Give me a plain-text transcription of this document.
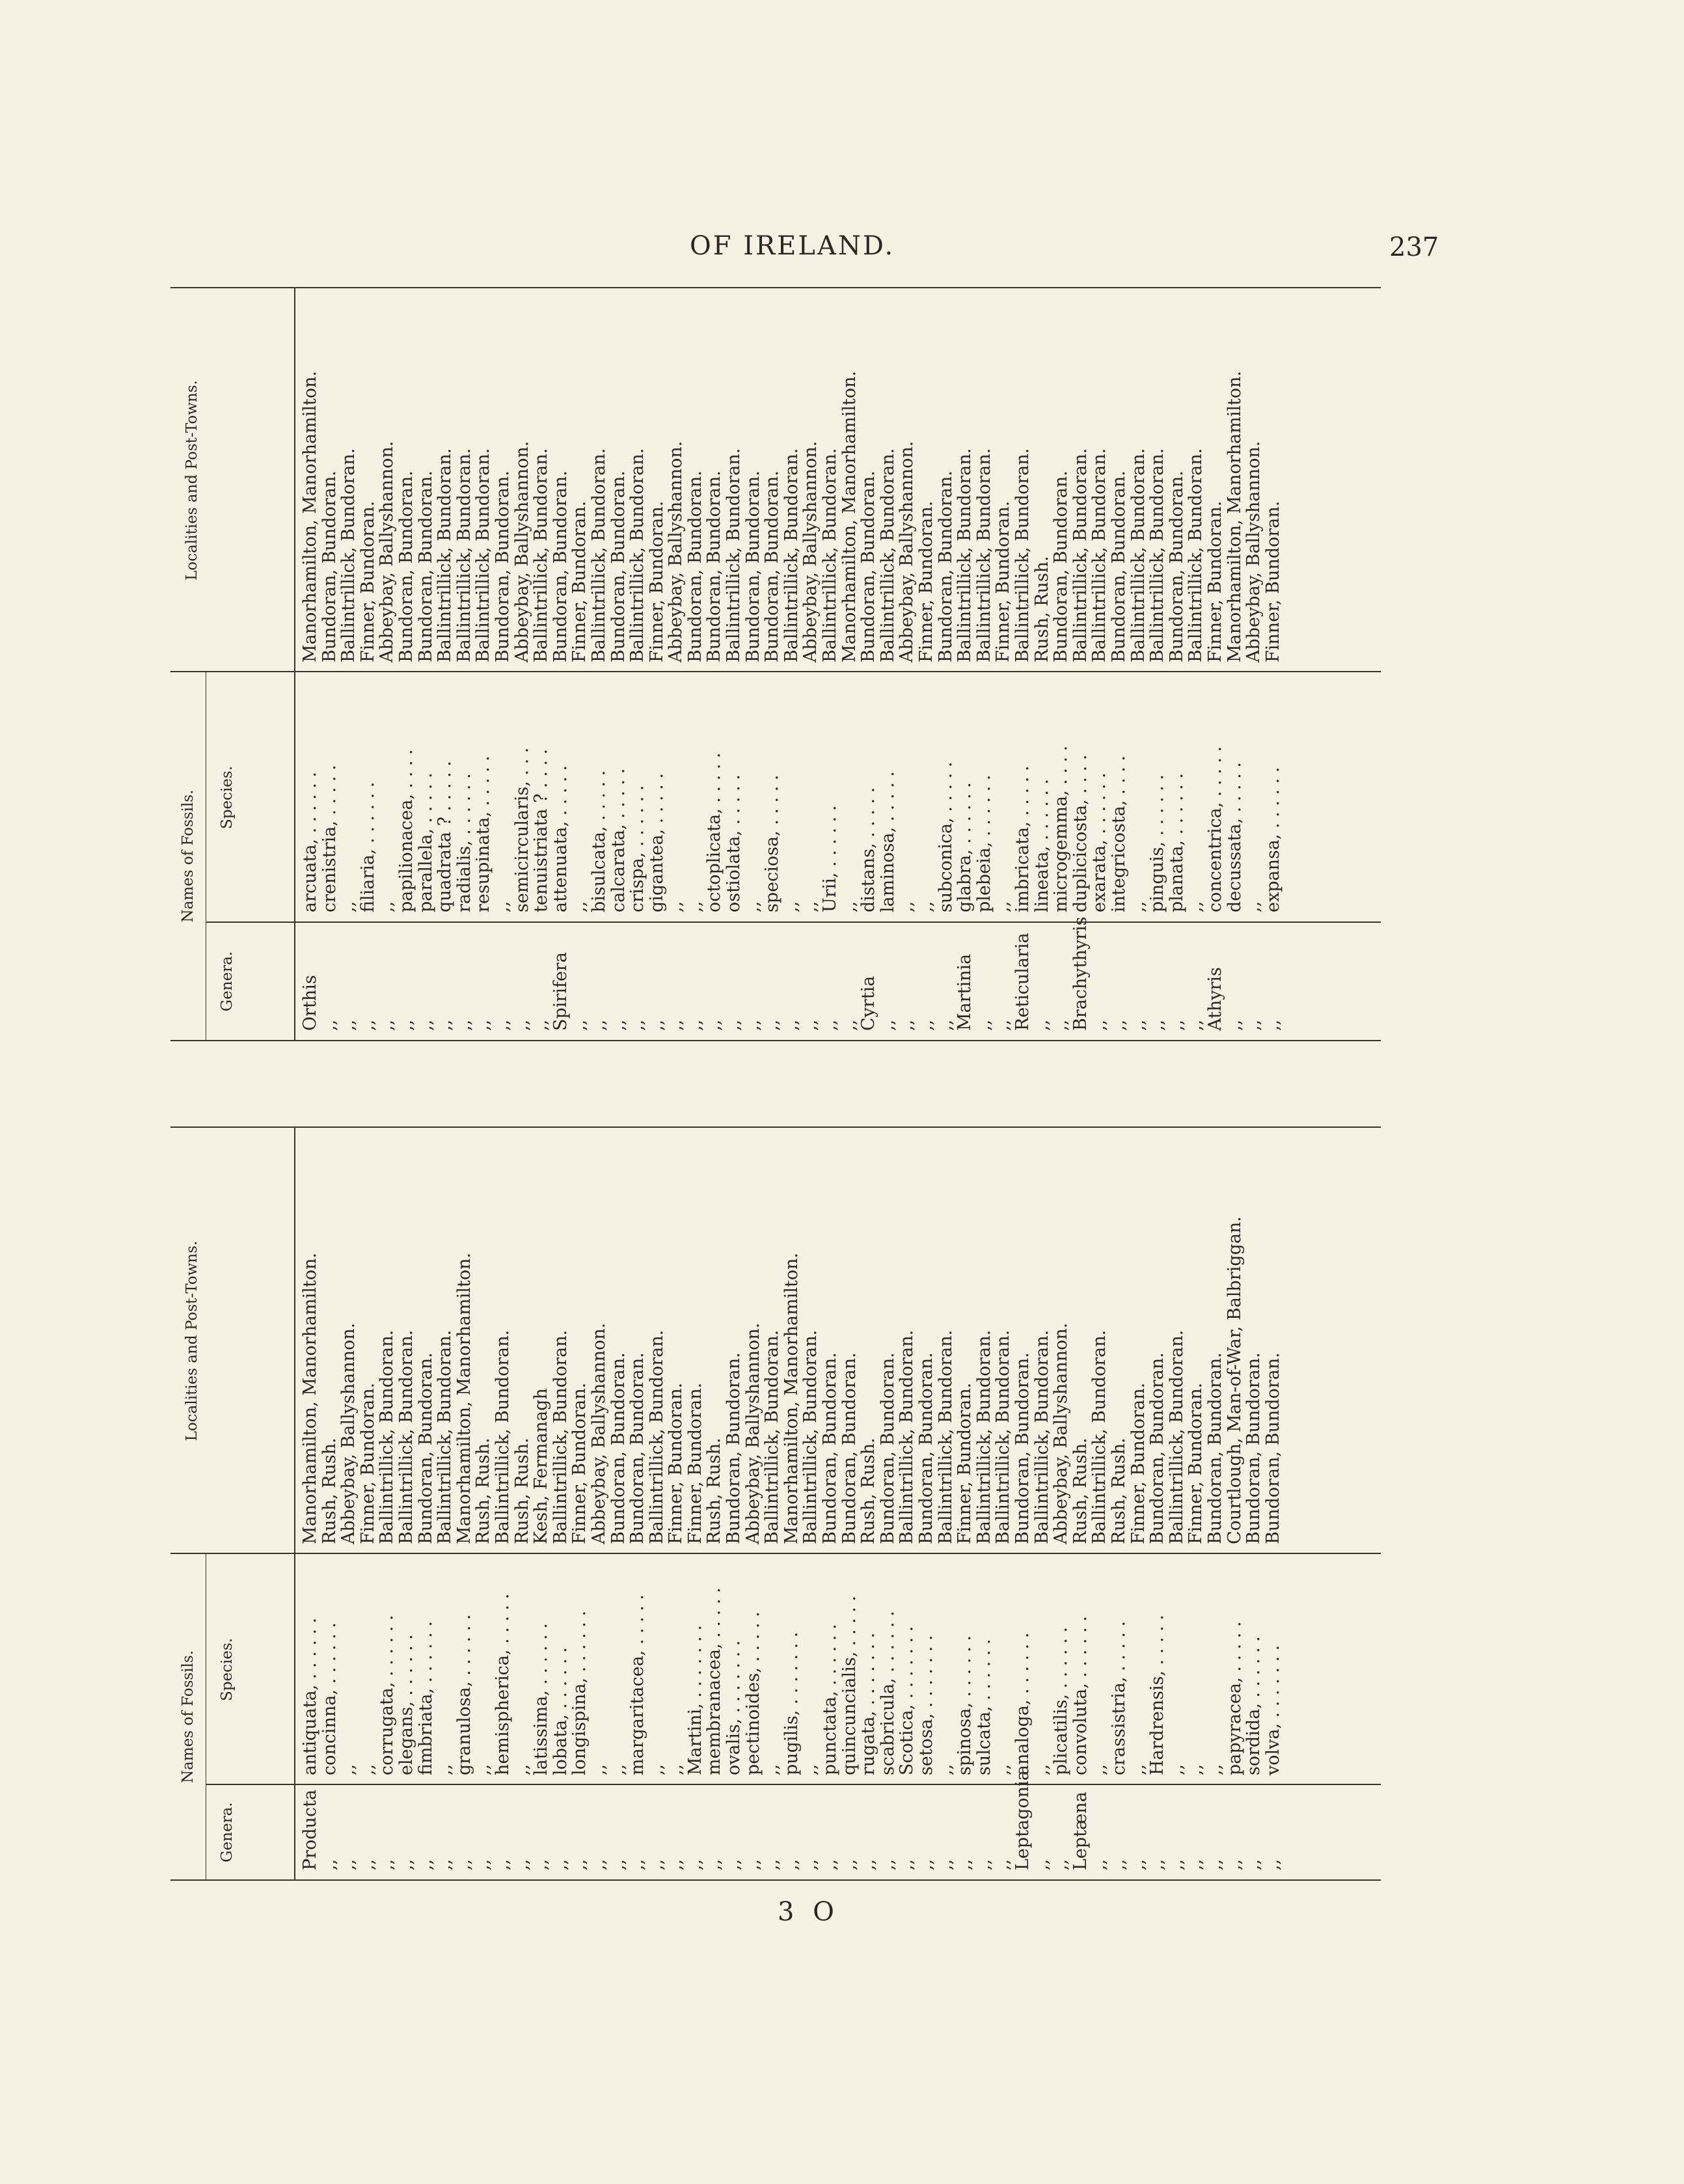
OF IRELAND.	237
Names of Fossils.
Genera.
Species.
Localities and Post-Towns.
Orthis
arcuata, . . . . . .
Manorhamilton, Manorhamilton.
,,
crenistria, . . . . .
Bundoran, Bundoran.
,,
,,
Ballintrillick, Bundoran.
,,
filiaria, . . . . . .
Finner, Bundoran.
,,
,,
Abbeybay, Ballyshannon.
,,
papilionacea, . . . .
Bundoran, Bundoran.
,,
parallela, . . . . .
Bundoran, Bundoran.
,,
quadrata ? . . . . .
Ballintrillick, Bundoran.
,,
radialis, . . . . . .
Ballintrillick, Bundoran.
,,
resupinata, . . . . .
Ballintrillick, Bundoran.
,,
,,
Bundoran, Bundoran.
,,
semicircularis, . . .
Abbeybay, Ballyshannon.
,,
tenuistriata ? . . . .
Ballintrillick, Bundoran.
Spirifera
attenuata, . . . . .
Bundoran, Bundoran.
,,
,,
Finner, Bundoran.
,,
bisulcata, . . . . .
Ballintrillick, Bundoran.
,,
calcarata, . . . . .
Bundoran, Bundoran.
,,
crispa, . . . . . .
Ballintrillick, Bundoran.
,,
gigantea, . . . . .
Finner, Bundoran.
,,
,,
Abbeybay, Ballyshannon.
,,
,,
Bundoran, Bundoran.
,,
octoplicata, . . . . .
Bundoran, Bundoran.
,,
ostiolata, . . . . .
Ballintrillick, Bundoran.
,,
,,
Bundoran, Bundoran.
,,
speciosa, . . . . .
Bundoran, Bundoran.
,,
,,
Ballintrillick, Bundoran.
,,
,,
Abbeybay, Ballyshannon.
,,
Urii, . . . . . .
Ballintrillick, Bundoran.
,,
,,
Manorhamilton, Manorhamilton.
Cyrtia
distans, . . . . .
Bundoran, Bundoran.
,,
laminosa, . . . . .
Ballintrillick, Bundoran.
,,
,,
Abbeybay, Ballyshannon.
,,
,,
Finner, Bundoran.
,,
subconica, . . . . .
Bundoran, Bundoran.
Martinia
glabra, . . . . . .
Ballintrillick, Bundoran.
,,
plebeia, . . . . . .
Ballintrillick, Bundoran.
,,
,,
Finner, Bundoran.
Reticularia
imbricata, . . . . .
Ballintrillick, Bundoran.
,,
lineata, . . . . . .
Rush, Rush.
,,
microgemma, . . . .
Bundoran, Bundoran.
Brachythyris
duplicicosta, . . . .
Ballintrillick, Bundoran.
,,
exarata, . . . . . .
Ballintrillick, Bundoran.
,,
integricosta, . . . .
Bundoran, Bundoran.
,,
,,
Ballintrillick, Bundoran.
,,
pinguis, . . . . . .
Ballintrillick, Bundoran.
,,
planata, . . . . . .
Bundoran, Bundoran.
,,
,,
Ballintrillick, Bundoran.
Athyris
concentrica, . . . . .
Finner, Bundoran.
,,
decussata, . . . . .
Manorhamilton, Manorhamilton.
,,
,,
Abbeybay, Ballyshannon.
,,
expansa, . . . . . .
Finner, Bundoran.
Names of Fossils.
Genera.
Species.
Localities and Post-Towns.
Productа
antiquata, . . . . . .
Manorhamilton, Manorhamilton.
,,
concinna, . . . . . .
Rush, Rush.
,,
,,
Abbeybay, Ballyshannon.
,,
,,
Finner, Bundoran.
,,
corrugata, . . . . . .
Ballintrillick, Bundoran.
,,
elegans, . . . . . .
Ballintrillick, Bundoran.
,,
fimbriata, . . . . . .
Bundoran, Bundoran.
,,
,,
Ballintrillick, Bundoran.
,,
granulosa, . . . . . .
Manorhamilton, Manorhamilton.
,,
,,
Rush, Rush.
,,
hemispherica, . . . . .
Ballintrillick, Bundoran.
,,
,,
Rush, Rush.
,,
latissima, . . . . . .
Kesh, Fermanagh
,,
lobata, . . . . . .
Ballintrillick, Bundoran.
,,
longispina, . . . . . .
Finner, Bundoran.
,,
,,
Abbeybay, Ballyshannon.
,,
,,
Bundoran, Bundoran.
,,
margaritacea, . . . . .
Bundoran, Bundoran.
,,
,,
Ballintrillick, Bundoran.
,,
,,
Finner, Bundoran.
,,
Martini, . . . . . . .
Finner, Bundoran.
,,
membranacea, . . . . .
Rush, Rush.
,,
ovalis, . . . . . . .
Bundoran, Bundoran.
,,
pectinoides, . . . . .
Abbeybay, Ballyshannon.
,,
,,
Ballintrillick, Bundoran.
,,
pugilis, . . . . . . .
Manorhamilton, Manorhamilton.
,,
,,
Ballintrillick, Bundoran.
,,
punctata, . . . . . .
Bundoran, Bundoran.
,,
quincuncialis, . . . . .
Bundoran, Bundoran.
,,
rugata, . . . . . . .
Rush, Rush.
,,
scabricula, . . . . . .
Bundoran, Bundoran.
,,
Scotica, . . . . . . .
Ballintrillick, Bundoran.
,,
setosa, . . . . . . .
Bundoran, Bundoran.
,,
,,
Ballintrillick, Bundoran.
,,
spinosa, . . . . . .
Finner, Bundoran.
,,
sulcata, . . . . . .
Ballintrillick, Bundoran.
,,
,,
Ballintrillick, Bundoran.
Leptagonia
analoga, . . . . . .
Bundoran, Bundoran.
,,
,,
Ballintrillick, Bundoran.
,,
plicatilis, . . . . . .
Abbeybay, Ballyshannon.
Leptæna
convoluta, . . . . . .
Rush, Rush.
,,
,,
Ballintrillick, Bundoran.
,,
crassistria, . . . . .
Rush, Rush.
,,
,,
Finner, Bundoran.
,,
Hardrensis, . . . . .
Bundoran, Bundoran.
,,
,,
Ballintrillick, Bundoran.
,,
,,
Finner, Bundoran.
,,
,,
Bundoran, Bundoran.
,,
papyracea, . . . . .
Courtlough, Man-of-War, Balbriggan.
,,
sordida, . . . . . .
Bundoran, Bundoran.
,,
volva, . . . . . . .
Bundoran, Bundoran.
3 O
